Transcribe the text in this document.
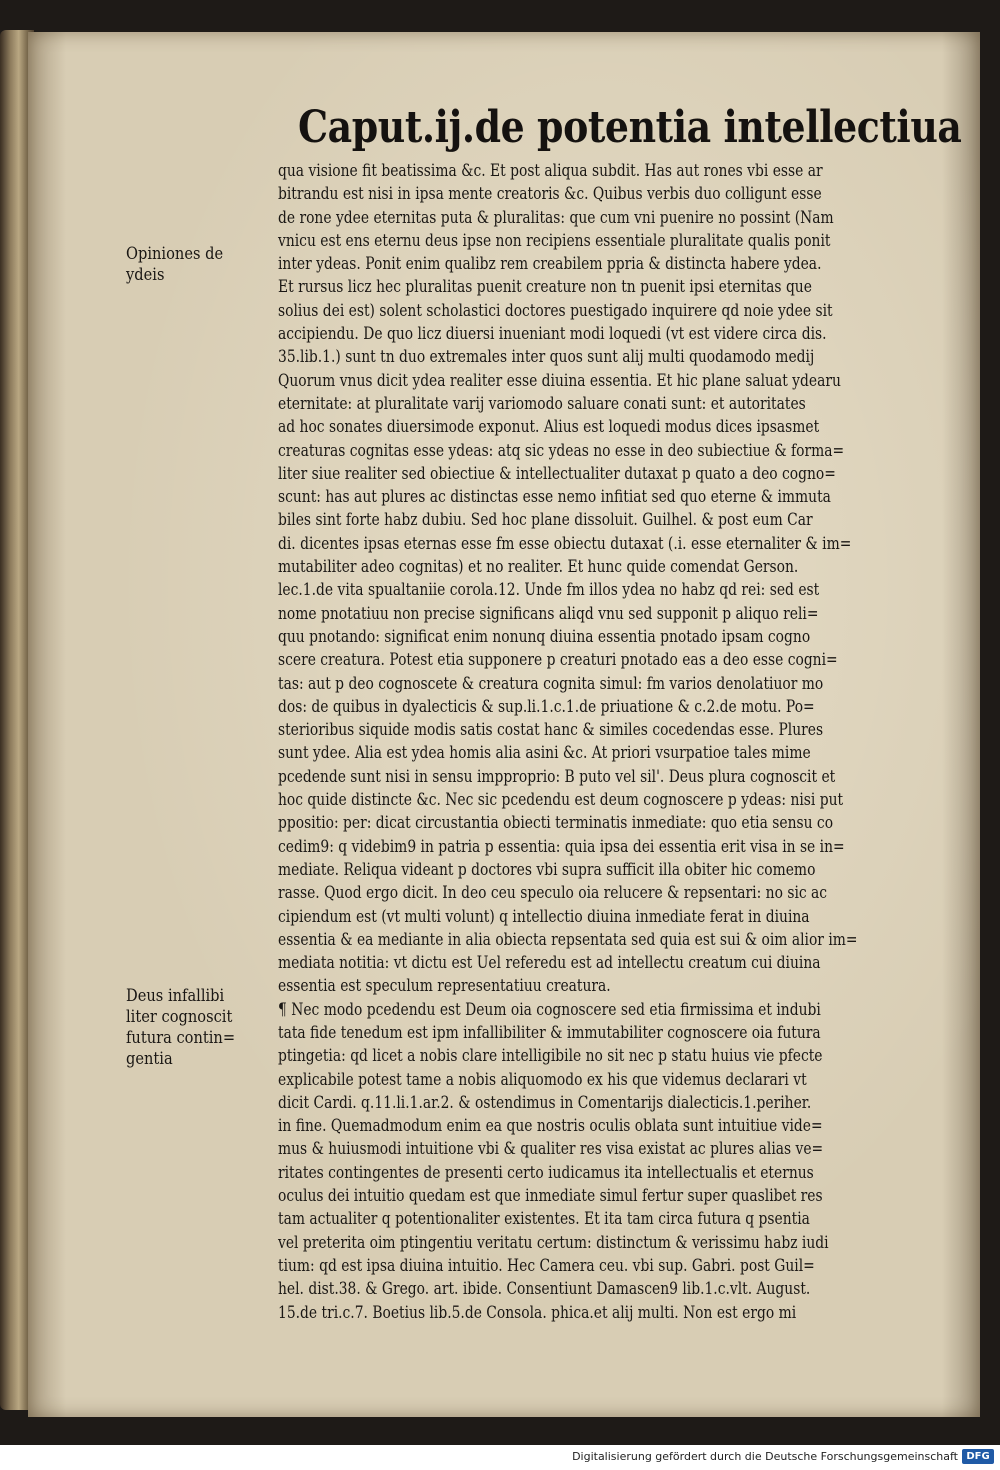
Caput.ij.de potentia intellectiua
Opiniones de
ydeis
Deus infallibi
liter cognoscit
futura contin=
gentia
qua visione fit beatissima &c. Et post aliqua subdit. Has aut rones vbi esse ar
bitrandu est nisi in ipsa mente creatoris &c. Quibus verbis duo colligunt esse
de rone ydee eternitas puta & pluralitas: que cum vni puenire no possint (Nam
vnicu est ens eternu deus ipse non recipiens essentiale pluralitate qualis ponit
inter ydeas. Ponit enim qualibz rem creabilem ppria & distincta habere ydea.
Et rursus licz hec pluralitas puenit creature non tn puenit ipsi eternitas que
solius dei est) solent scholastici doctores puestigado inquirere qd noie ydee sit
accipiendu. De quo licz diuersi inueniant modi loquedi (vt est videre circa dis.
35.lib.1.) sunt tn duo extremales inter quos sunt alij multi quodamodo medij
Quorum vnus dicit ydea realiter esse diuina essentia. Et hic plane saluat ydearu
eternitate: at pluralitate varij variomodo saluare conati sunt: et autoritates
ad hoc sonates diuersimode exponut. Alius est loquedi modus dices ipsasmet
creaturas cognitas esse ydeas: atq sic ydeas no esse in deo subiectiue & forma=
liter siue realiter sed obiectiue & intellectualiter dutaxat p quato a deo cogno=
scunt: has aut plures ac distinctas esse nemo infitiat sed quo eterne & immuta
biles sint forte habz dubiu. Sed hoc plane dissoluit. Guilhel. & post eum Car
di. dicentes ipsas eternas esse fm esse obiectu dutaxat (.i. esse eternaliter & im=
mutabiliter adeo cognitas) et no realiter. Et hunc quide comendat Gerson.
lec.1.de vita spualtaniie corola.12. Unde fm illos ydea no habz qd rei: sed est
nome pnotatiuu non precise significans aliqd vnu sed supponit p aliquo reli=
quu pnotando: significat enim nonunq diuina essentia pnotado ipsam cogno
scere creatura. Potest etia supponere p creaturi pnotado eas a deo esse cogni=
tas: aut p deo cognoscete & creatura cognita simul: fm varios denolatiuor mo
dos: de quibus in dyalecticis & sup.li.1.c.1.de priuatione & c.2.de motu. Po=
sterioribus siquide modis satis costat hanc & similes cocedendas esse. Plures
sunt ydee. Alia est ydea homis alia asini &c. At priori vsurpatioe tales mime
pcedende sunt nisi in sensu impproprio: B puto vel sil'. Deus plura cognoscit et
hoc quide distincte &c. Nec sic pcedendu est deum cognoscere p ydeas: nisi put
ppositio: per: dicat circustantia obiecti terminatis inmediate: quo etia sensu co
cedim9: q videbim9 in patria p essentia: quia ipsa dei essentia erit visa in se in=
mediate. Reliqua videant p doctores vbi supra sufficit illa obiter hic comemo
rasse. Quod ergo dicit. In deo ceu speculo oia relucere & repsentari: no sic ac
cipiendum est (vt multi volunt) q intellectio diuina inmediate ferat in diuina
essentia & ea mediante in alia obiecta repsentata sed quia est sui & oim alior im=
mediata notitia: vt dictu est Uel referedu est ad intellectu creatum cui diuina
essentia est speculum representatiuu creatura.
¶ Nec modo pcedendu est Deum oia cognoscere sed etia firmissima et indubi
tata fide tenedum est ipm infallibiliter & immutabiliter cognoscere oia futura
ptingetia: qd licet a nobis clare intelligibile no sit nec p statu huius vie pfecte
explicabile potest tame a nobis aliquomodo ex his que videmus declarari vt
dicit Cardi. q.11.li.1.ar.2. & ostendimus in Comentarijs dialecticis.1.periher.
in fine. Quemadmodum enim ea que nostris oculis oblata sunt intuitiue vide=
mus & huiusmodi intuitione vbi & qualiter res visa existat ac plures alias ve=
ritates contingentes de presenti certo iudicamus ita intellectualis et eternus
oculus dei intuitio quedam est que inmediate simul fertur super quaslibet res
tam actualiter q potentionaliter existentes. Et ita tam circa futura q psentia
vel preterita oim ptingentiu veritatu certum: distinctum & verissimu habz iudi
tium: qd est ipsa diuina intuitio. Hec Camera ceu. vbi sup. Gabri. post Guil=
hel. dist.38. & Grego. art. ibide. Consentiunt Damascen9 lib.1.c.vlt. August.
15.de tri.c.7. Boetius lib.5.de Consola. phica.et alij multi. Non est ergo mi
Digitalisierung gefördert durch die Deutsche Forschungsgemeinschaft DFG
